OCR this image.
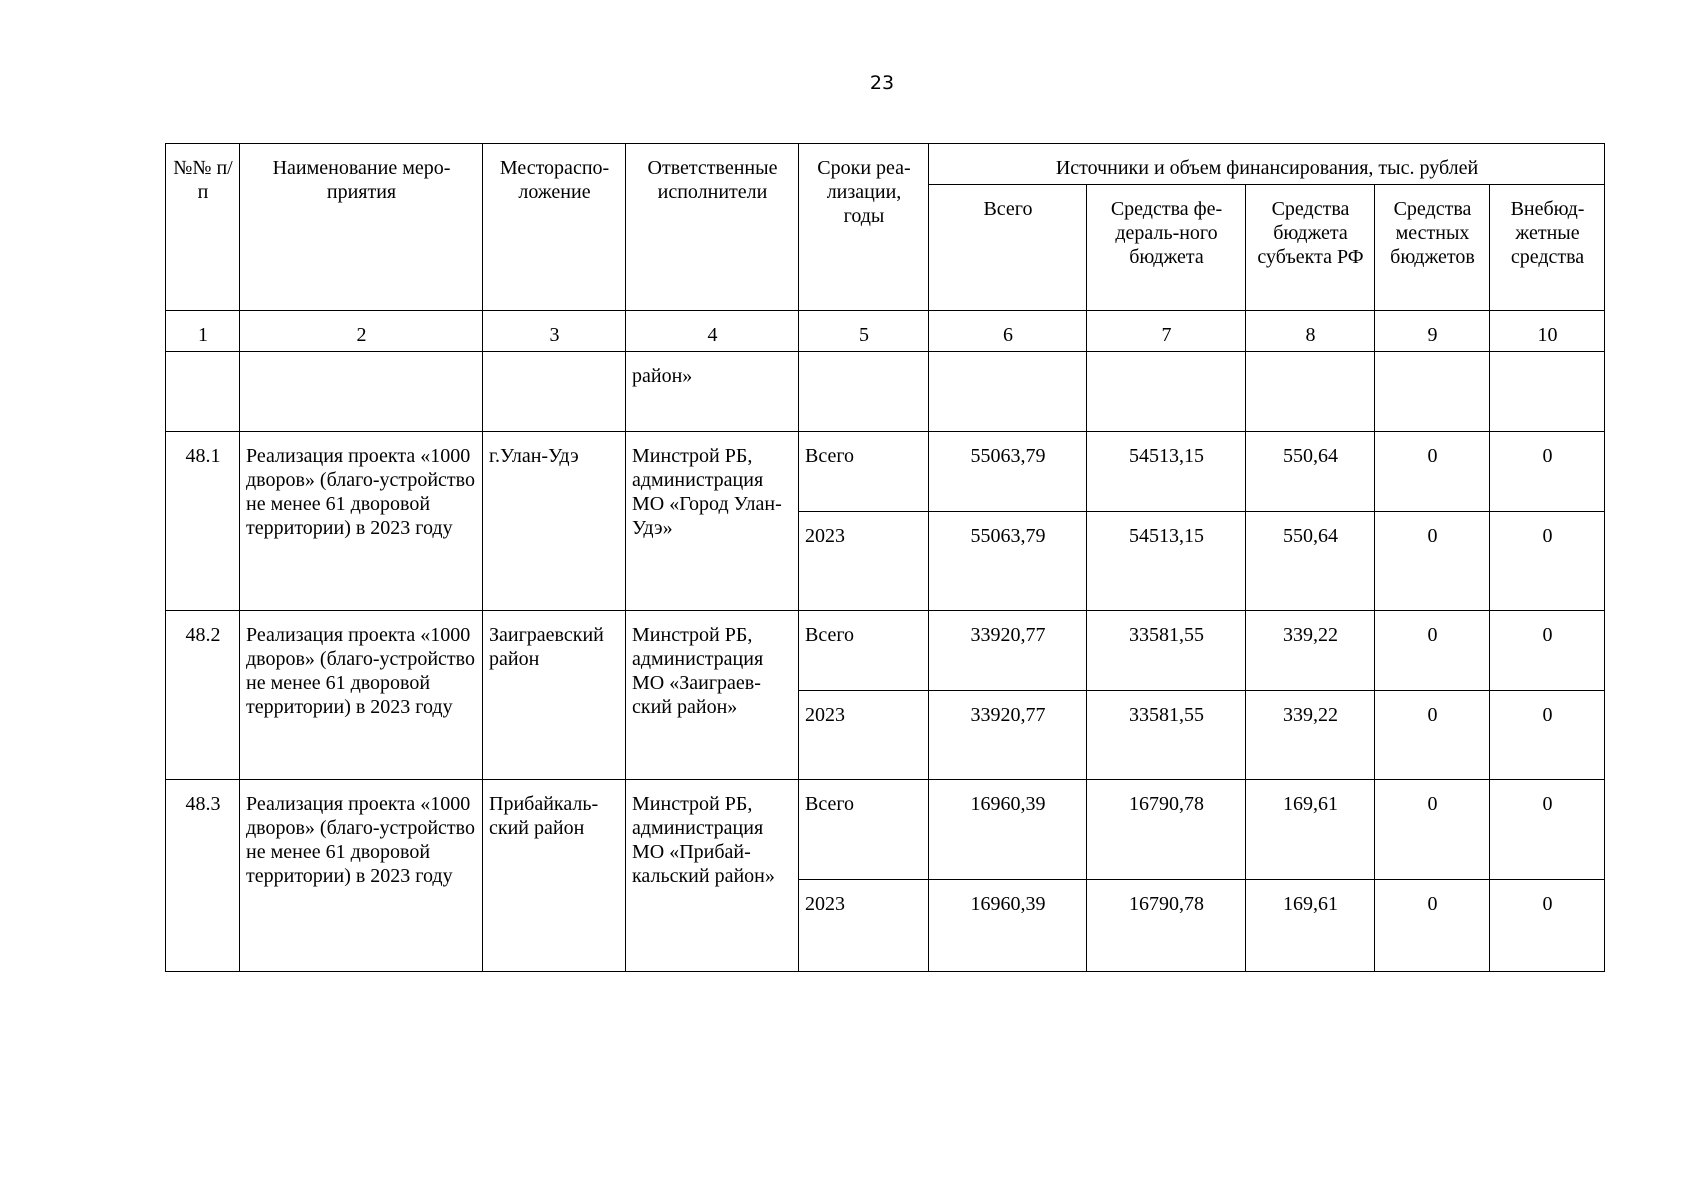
23
№№ п/п	Наименование меро-приятия	Местораспо-ложение	Ответственные исполнители	Сроки реа-лизации, годы	Источники и объем финансирования, тыс. рублей				
					Всего	Средства фе-дераль-ного бюджета	Средства бюджета субъекта РФ	Средства местных бюджетов	Внебюд-жетные средства
1	2	3	4	5	6	7	8	9	10
			район»						
48.1	Реализация проекта «1000 дворов» (благо-устройство не менее 61 дворовой территории) в 2023 году	г.Улан-Удэ	Минстрой РБ, администрация МО «Город Улан-Удэ»	Всего	55063,79	54513,15	550,64	0	0
				2023	55063,79	54513,15	550,64	0	0
48.2	Реализация проекта «1000 дворов» (благо-устройство не менее 61 дворовой территории) в 2023 году	Заиграевский район	Минстрой РБ, администрация МО «Заиграев-ский район»	Всего	33920,77	33581,55	339,22	0	0
				2023	33920,77	33581,55	339,22	0	0
48.3	Реализация проекта «1000 дворов» (благо-устройство не менее 61 дворовой территории) в 2023 году	Прибайкаль-ский район	Минстрой РБ, администрация МО «Прибай-кальский район»	Всего	16960,39	16790,78	169,61	0	0
				2023	16960,39	16790,78	169,61	0	0
